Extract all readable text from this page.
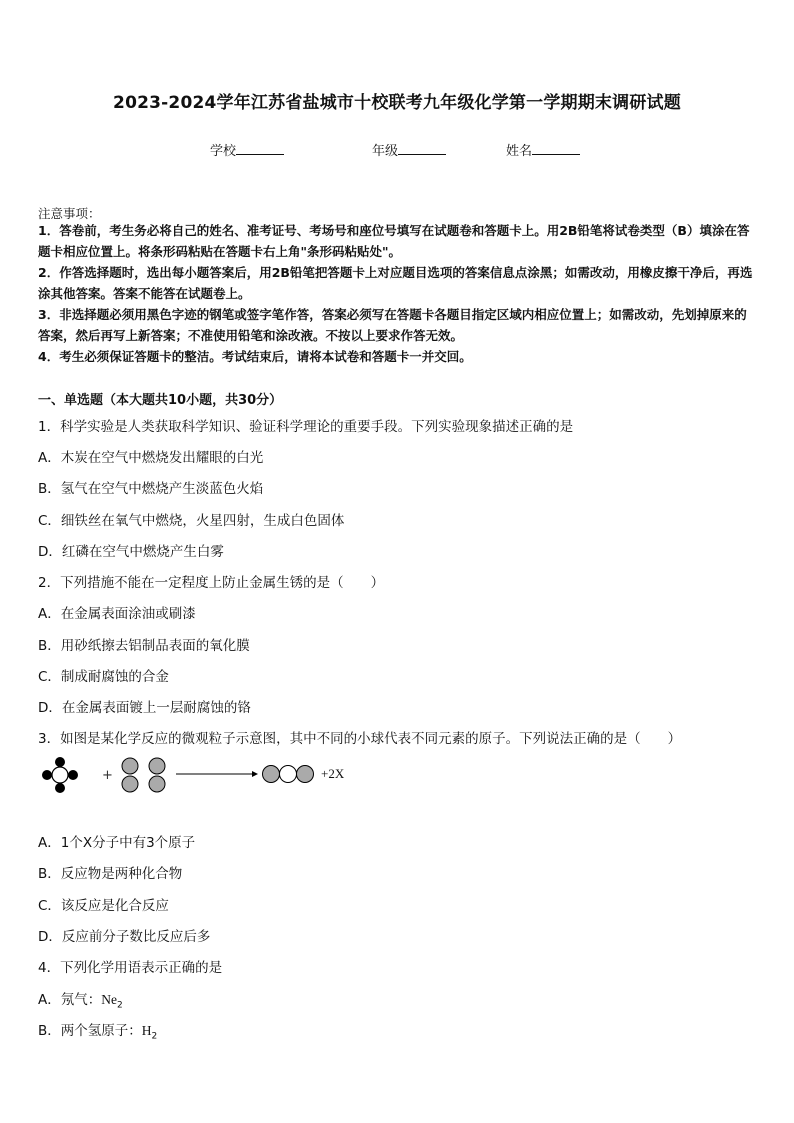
2023-2024学年江苏省盐城市十校联考九年级化学第一学期期末调研试题
学校	年级	姓名
注意事项：
1．答卷前，考生务必将自己的姓名、准考证号、考场号和座位号填写在试题卷和答题卡上。用2B铅笔将试卷类型（B）填涂在答题卡相应位置上。将条形码粘贴在答题卡右上角"条形码粘贴处"。
2．作答选择题时，选出每小题答案后，用2B铅笔把答题卡上对应题目选项的答案信息点涂黑；如需改动，用橡皮擦干净后，再选涂其他答案。答案不能答在试题卷上。
3．非选择题必须用黑色字迹的钢笔或签字笔作答，答案必须写在答题卡各题目指定区域内相应位置上；如需改动，先划掉原来的答案，然后再写上新答案；不准使用铅笔和涂改液。不按以上要求作答无效。
4．考生必须保证答题卡的整洁。考试结束后，请将本试卷和答题卡一并交回。
一、单选题（本大题共10小题，共30分）
1．科学实验是人类获取科学知识、验证科学理论的重要手段。下列实验现象描述正确的是
A．木炭在空气中燃烧发出耀眼的白光
B．氢气在空气中燃烧产生淡蓝色火焰
C．细铁丝在氧气中燃烧，火星四射，生成白色固体
D．红磷在空气中燃烧产生白雾
2．下列措施不能在一定程度上防止金属生锈的是（　　）
A．在金属表面涂油或刷漆
B．用砂纸擦去铝制品表面的氧化膜
C．制成耐腐蚀的合金
D．在金属表面镀上一层耐腐蚀的铬
3．如图是某化学反应的微观粒子示意图，其中不同的小球代表不同元素的原子。下列说法正确的是（　　）
+	+2X
A．1个X分子中有3个原子
B．反应物是两种化合物
C．该反应是化合反应
D．反应前分子数比反应后多
4．下列化学用语表示正确的是
A．氖气：$Ne_2$
B．两个氢原子：$H_2$
